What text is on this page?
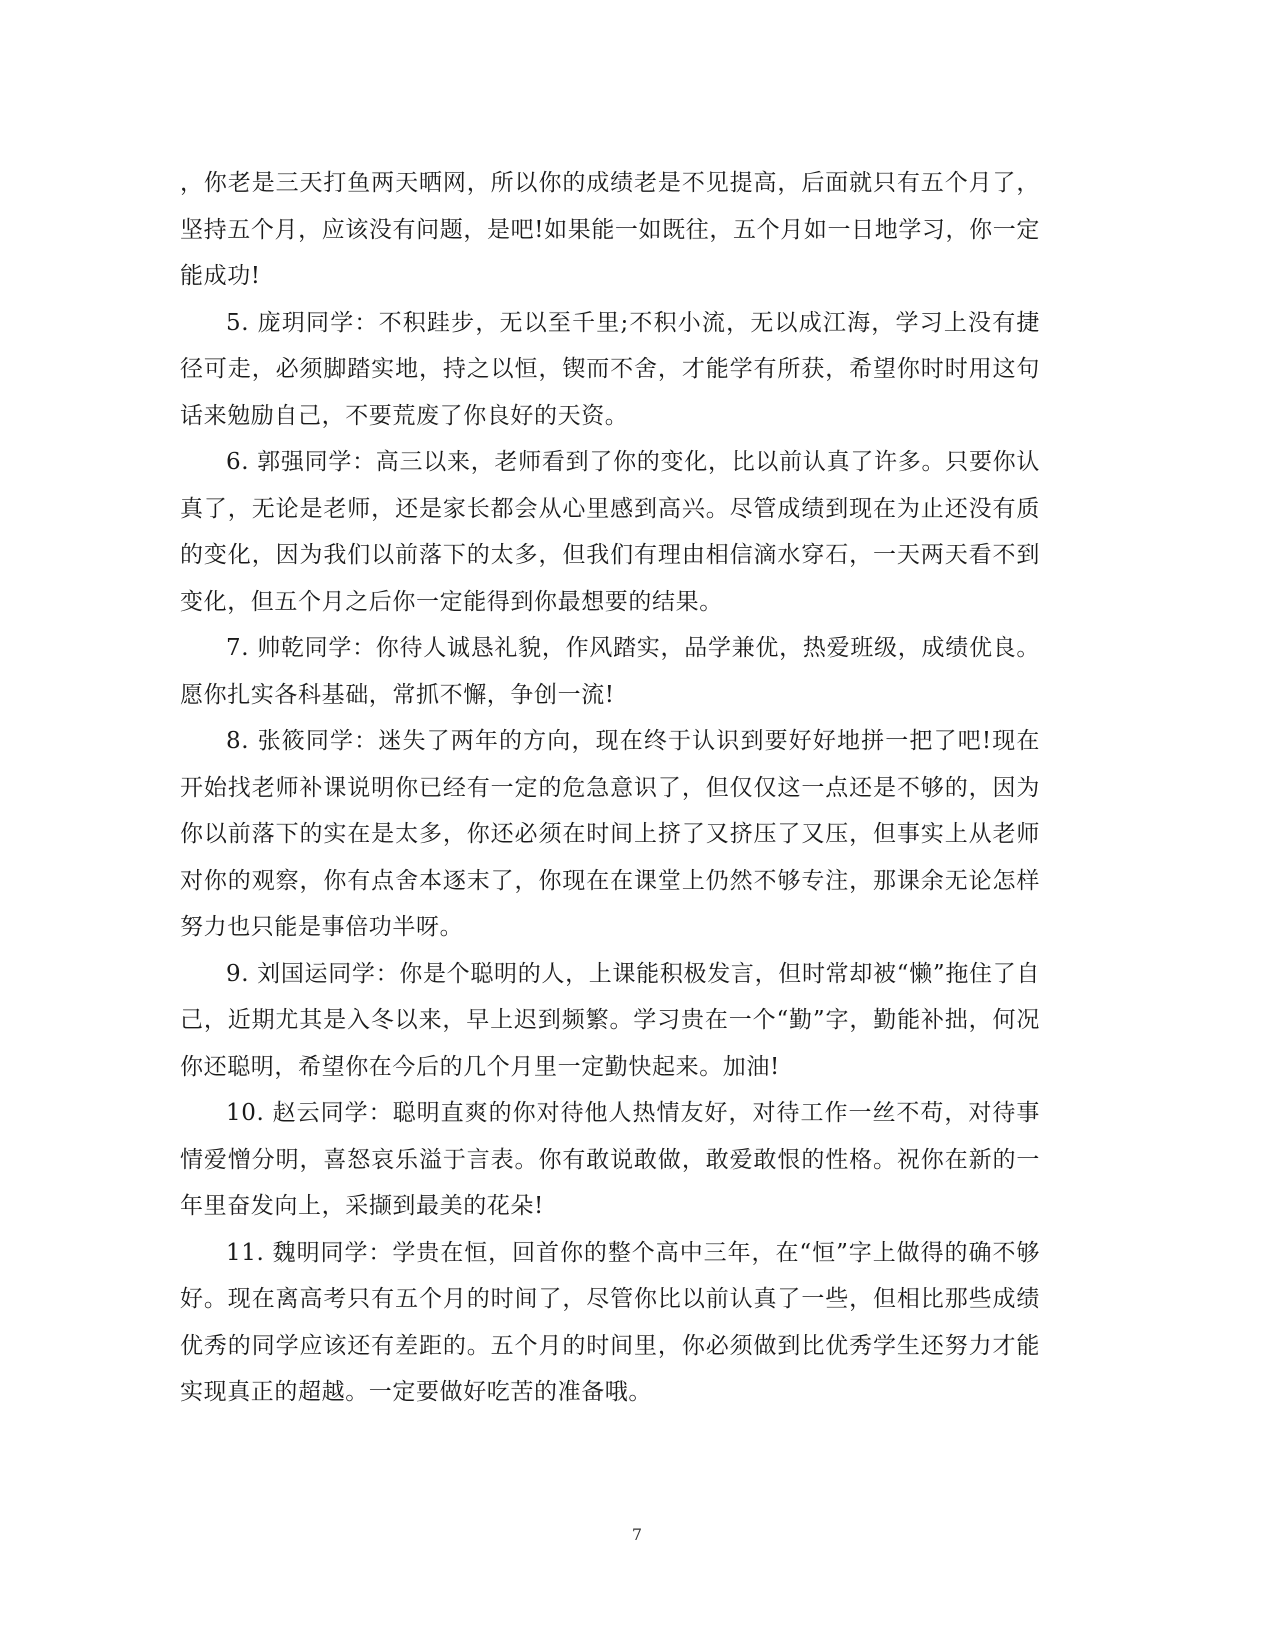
，你老是三天打鱼两天晒网，所以你的成绩老是不见提高，后面就只有五个月了，坚持五个月，应该没有问题，是吧!如果能一如既往，五个月如一日地学习，你一定能成功!

5. 庞玥同学：不积跬步，无以至千里;不积小流，无以成江海，学习上没有捷径可走，必须脚踏实地，持之以恒，锲而不舍，才能学有所获，希望你时时用这句话来勉励自己，不要荒废了你良好的天资。

6. 郭强同学：高三以来，老师看到了你的变化，比以前认真了许多。只要你认真了，无论是老师，还是家长都会从心里感到高兴。尽管成绩到现在为止还没有质的变化，因为我们以前落下的太多，但我们有理由相信滴水穿石，一天两天看不到变化，但五个月之后你一定能得到你最想要的结果。

7. 帅乾同学：你待人诚恳礼貌，作风踏实，品学兼优，热爱班级，成绩优良。愿你扎实各科基础，常抓不懈，争创一流!

8. 张筱同学：迷失了两年的方向，现在终于认识到要好好地拼一把了吧!现在开始找老师补课说明你已经有一定的危急意识了，但仅仅这一点还是不够的，因为你以前落下的实在是太多，你还必须在时间上挤了又挤压了又压，但事实上从老师对你的观察，你有点舍本逐末了，你现在在课堂上仍然不够专注，那课余无论怎样努力也只能是事倍功半呀。

9. 刘国运同学：你是个聪明的人，上课能积极发言，但时常却被“懒”拖住了自己，近期尤其是入冬以来，早上迟到频繁。学习贵在一个“勤”字，勤能补拙，何况你还聪明，希望你在今后的几个月里一定勤快起来。加油!

10. 赵云同学：聪明直爽的你对待他人热情友好，对待工作一丝不苟，对待事情爱憎分明，喜怒哀乐溢于言表。你有敢说敢做，敢爱敢恨的性格。祝你在新的一年里奋发向上，采撷到最美的花朵!

11. 魏明同学：学贵在恒，回首你的整个高中三年，在“恒”字上做得的确不够好。现在离高考只有五个月的时间了，尽管你比以前认真了一些，但相比那些成绩优秀的同学应该还有差距的。五个月的时间里，你必须做到比优秀学生还努力才能实现真正的超越。一定要做好吃苦的准备哦。

7
